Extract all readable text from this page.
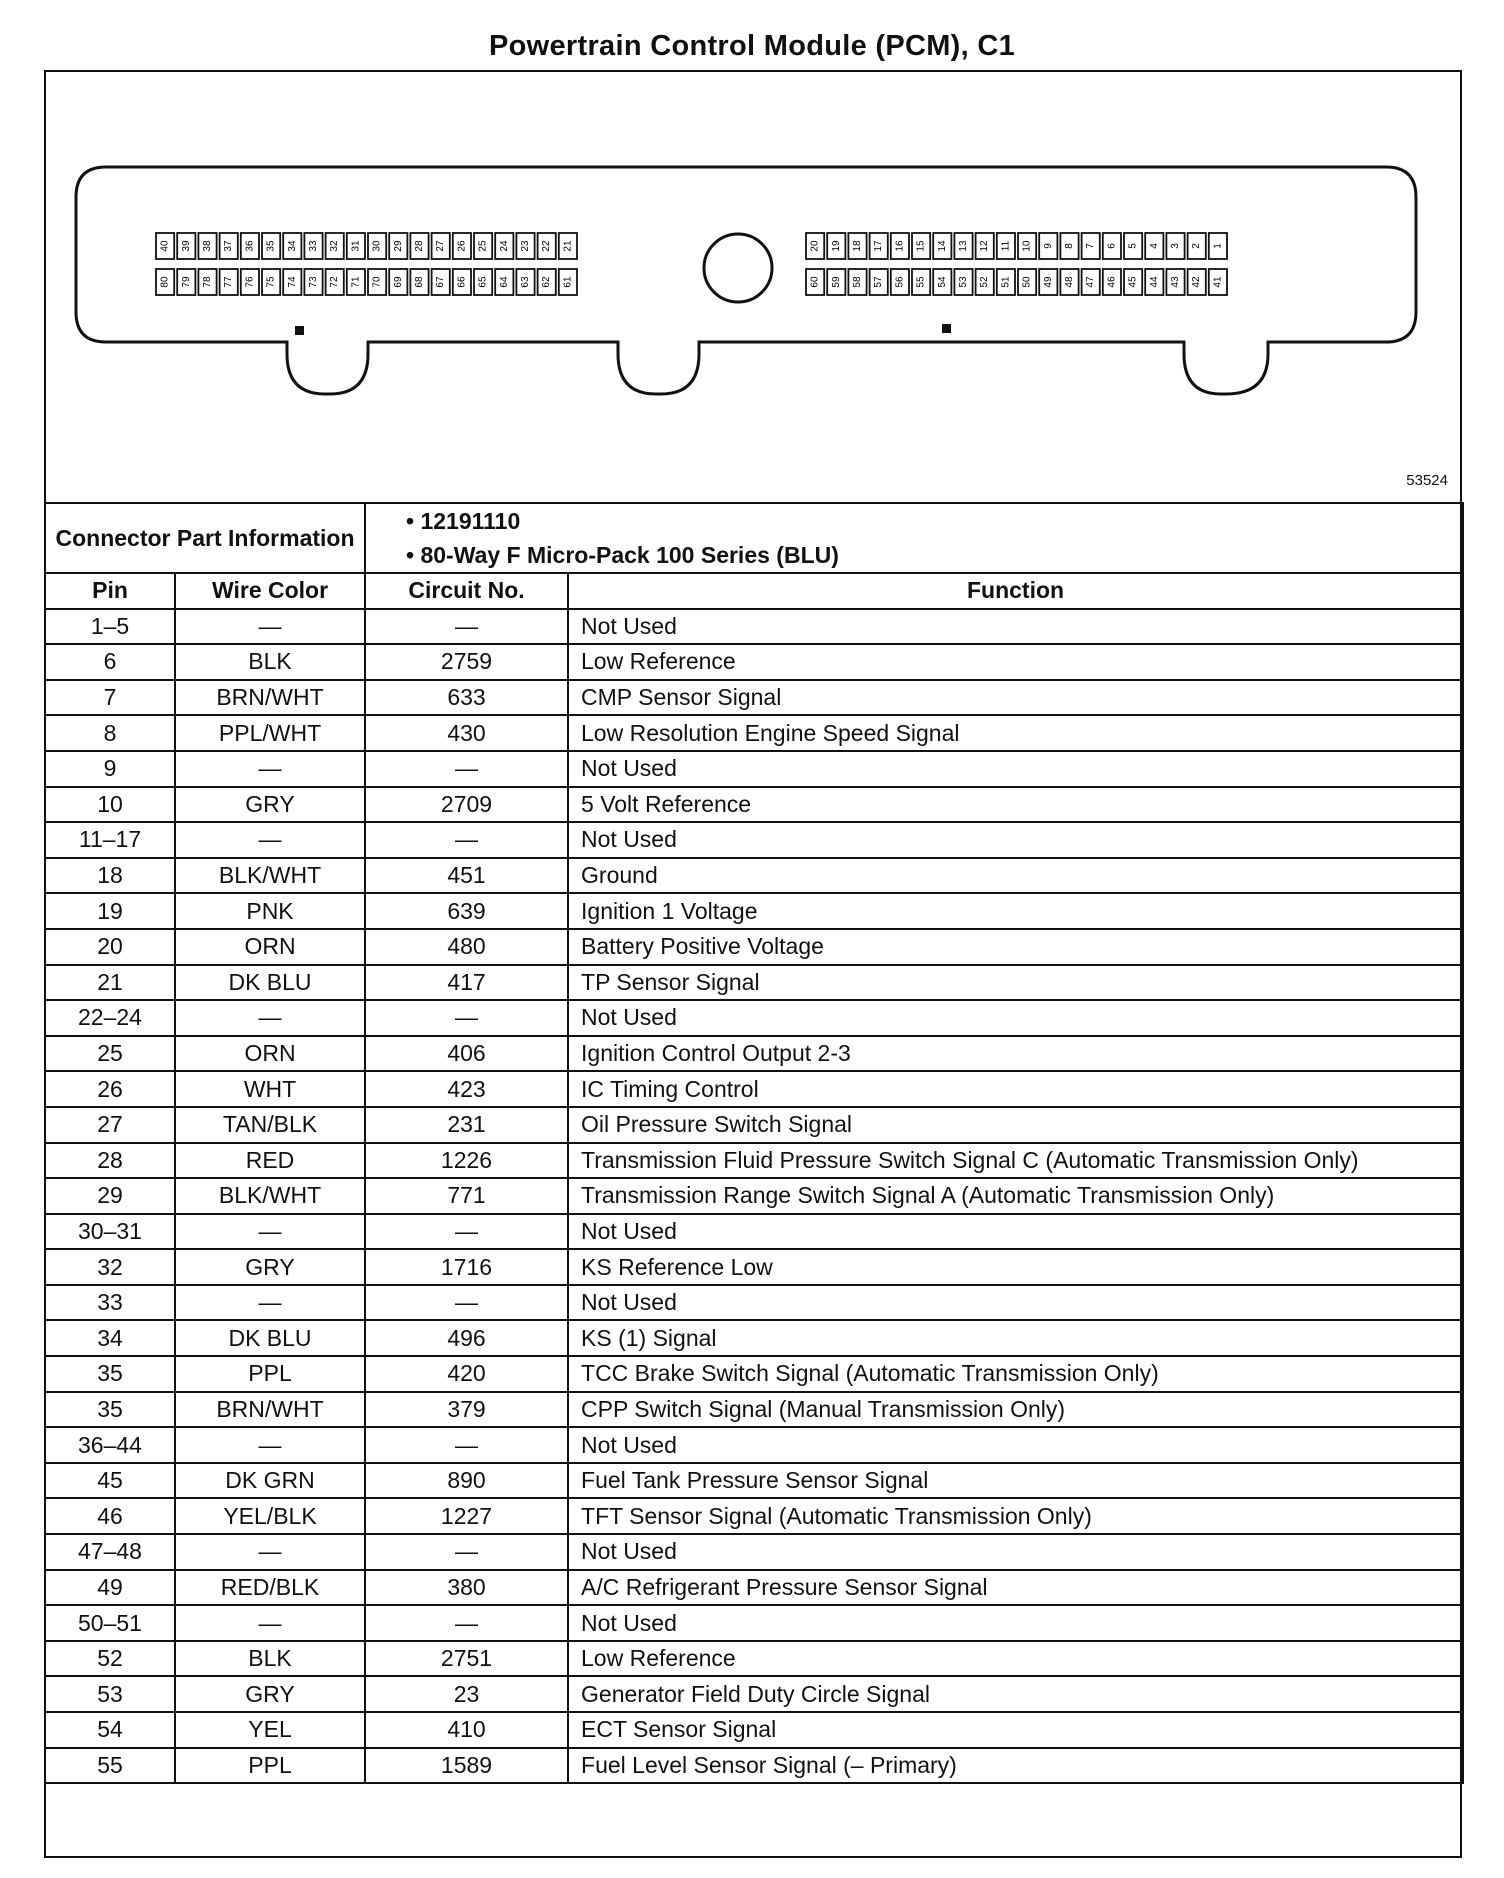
Powertrain Control Module (PCM), C1
40 39 38 37 36 35 34 33 32 31 30 29 28 27 26 25 24 23 22 21
80 79 78 77 76 75 74 73 72 71 70 69 68 67 66 65 64 63 62 61
20 19 18 17 16 15 14 13 12 11 10 9 8 7 6 5 4 3 2 1
60 59 58 57 56 55 54 53 52 51 50 49 48 47 46 45 44 43 42 41
53524
Connector Part Information		• 12191110
• 80-Way F Micro-Pack 100 Series (BLU)

Pin	Wire Color	Circuit No.	Function
1–5	—	—	Not Used
6	BLK	2759	Low Reference
7	BRN/WHT	633	CMP Sensor Signal
8	PPL/WHT	430	Low Resolution Engine Speed Signal
9	—	—	Not Used
10	GRY	2709	5 Volt Reference
11–17	—	—	Not Used
18	BLK/WHT	451	Ground
19	PNK	639	Ignition 1 Voltage
20	ORN	480	Battery Positive Voltage
21	DK BLU	417	TP Sensor Signal
22–24	—	—	Not Used
25	ORN	406	Ignition Control Output 2-3
26	WHT	423	IC Timing Control
27	TAN/BLK	231	Oil Pressure Switch Signal
28	RED	1226	Transmission Fluid Pressure Switch Signal C (Automatic Transmission Only)
29	BLK/WHT	771	Transmission Range Switch Signal A (Automatic Transmission Only)
30–31	—	—	Not Used
32	GRY	1716	KS Reference Low
33	—	—	Not Used
34	DK BLU	496	KS (1) Signal
35	PPL	420	TCC Brake Switch Signal (Automatic Transmission Only)
35	BRN/WHT	379	CPP Switch Signal (Manual Transmission Only)
36–44	—	—	Not Used
45	DK GRN	890	Fuel Tank Pressure Sensor Signal
46	YEL/BLK	1227	TFT Sensor Signal (Automatic Transmission Only)
47–48	—	—	Not Used
49	RED/BLK	380	A/C Refrigerant Pressure Sensor Signal
50–51	—	—	Not Used
52	BLK	2751	Low Reference
53	GRY	23	Generator Field Duty Circle Signal
54	YEL	410	ECT Sensor Signal
55	PPL	1589	Fuel Level Sensor Signal (– Primary)
